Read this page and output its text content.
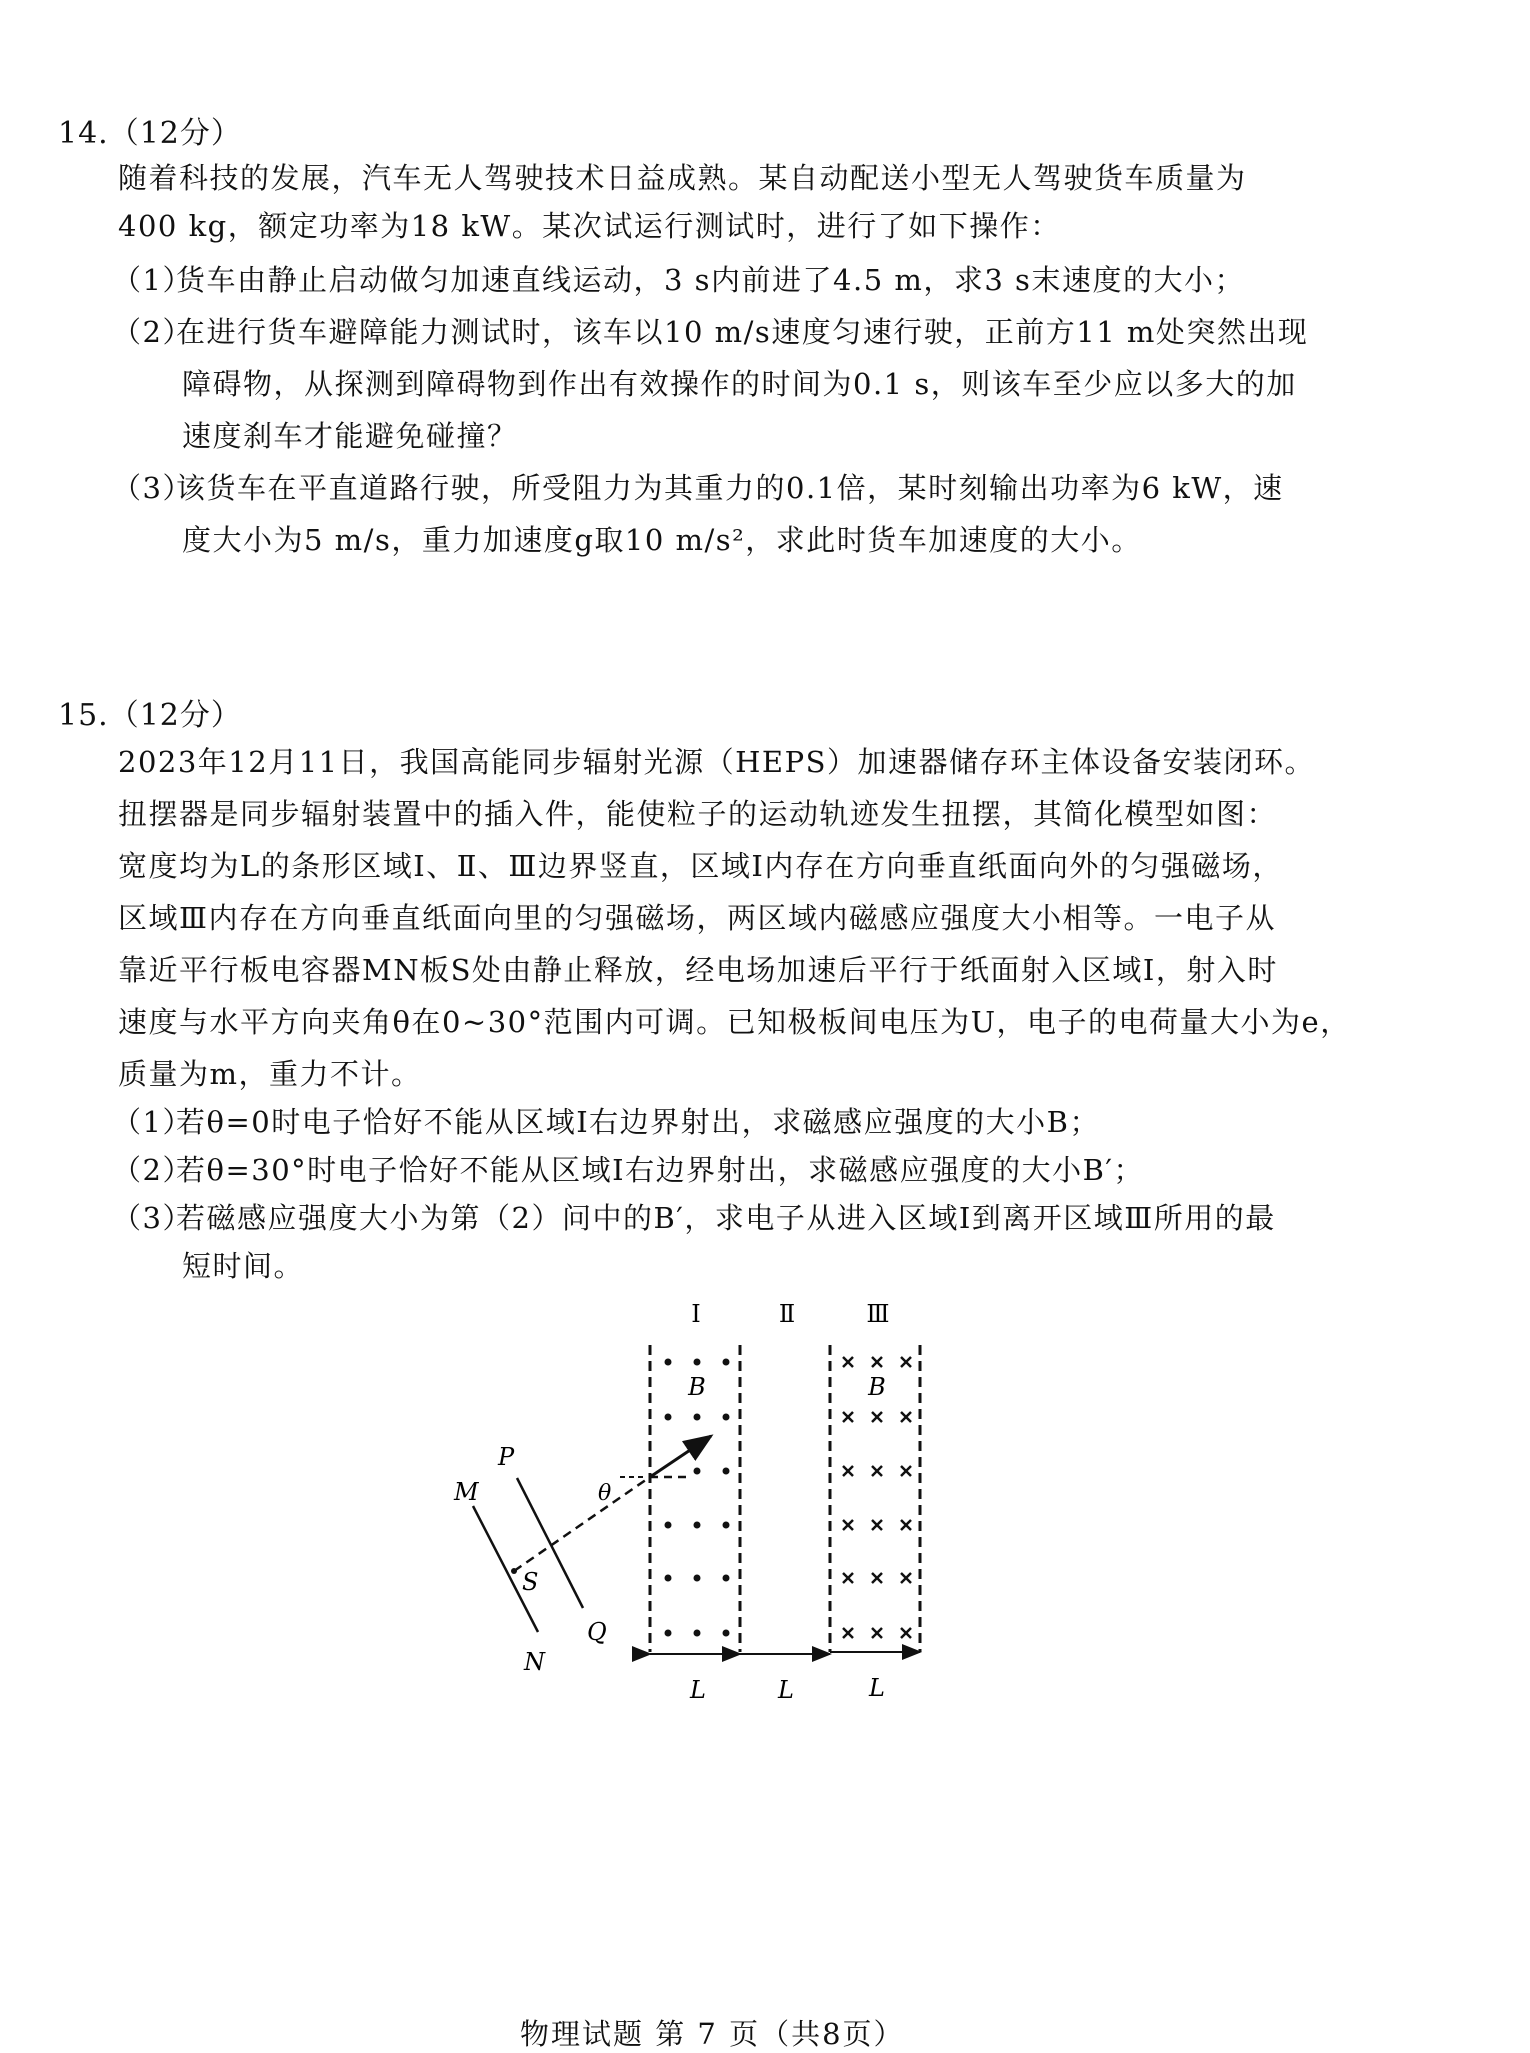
14.（12分）
随着科技的发展，汽车无人驾驶技术日益成熟。某自动配送小型无人驾驶货车质量为
400 kg，额定功率为18 kW。某次试运行测试时，进行了如下操作：
（1）货车由静止启动做匀加速直线运动，3 s内前进了4.5 m，求3 s末速度的大小；
（2）在进行货车避障能力测试时，该车以10 m/s速度匀速行驶，正前方11 m处突然出现
障碍物，从探测到障碍物到作出有效操作的时间为0.1 s，则该车至少应以多大的加
速度刹车才能避免碰撞？
（3）该货车在平直道路行驶，所受阻力为其重力的0.1倍，某时刻输出功率为6 kW，速
度大小为5 m/s，重力加速度g取10 m/s²，求此时货车加速度的大小。
15.（12分）
2023年12月11日，我国高能同步辐射光源（HEPS）加速器储存环主体设备安装闭环。
扭摆器是同步辐射装置中的插入件，能使粒子的运动轨迹发生扭摆，其简化模型如图：
宽度均为L的条形区域Ⅰ、Ⅱ、Ⅲ边界竖直，区域Ⅰ内存在方向垂直纸面向外的匀强磁场，
区域Ⅲ内存在方向垂直纸面向里的匀强磁场，两区域内磁感应强度大小相等。一电子从
靠近平行板电容器MN板S处由静止释放，经电场加速后平行于纸面射入区域Ⅰ，射入时
速度与水平方向夹角θ在0~30°范围内可调。已知极板间电压为U，电子的电荷量大小为e，
质量为m，重力不计。
（1）若θ=0时电子恰好不能从区域Ⅰ右边界射出，求磁感应强度的大小B；
（2）若θ=30°时电子恰好不能从区域Ⅰ右边界射出，求磁感应强度的大小B′；
（3）若磁感应强度大小为第（2）问中的B′，求电子从进入区域Ⅰ到离开区域Ⅲ所用的最
短时间。
Ⅰ	Ⅱ	Ⅲ
B	B
M
N
P
Q
S
θ
L	L	L
物理试题 第 7 页（共8页）
